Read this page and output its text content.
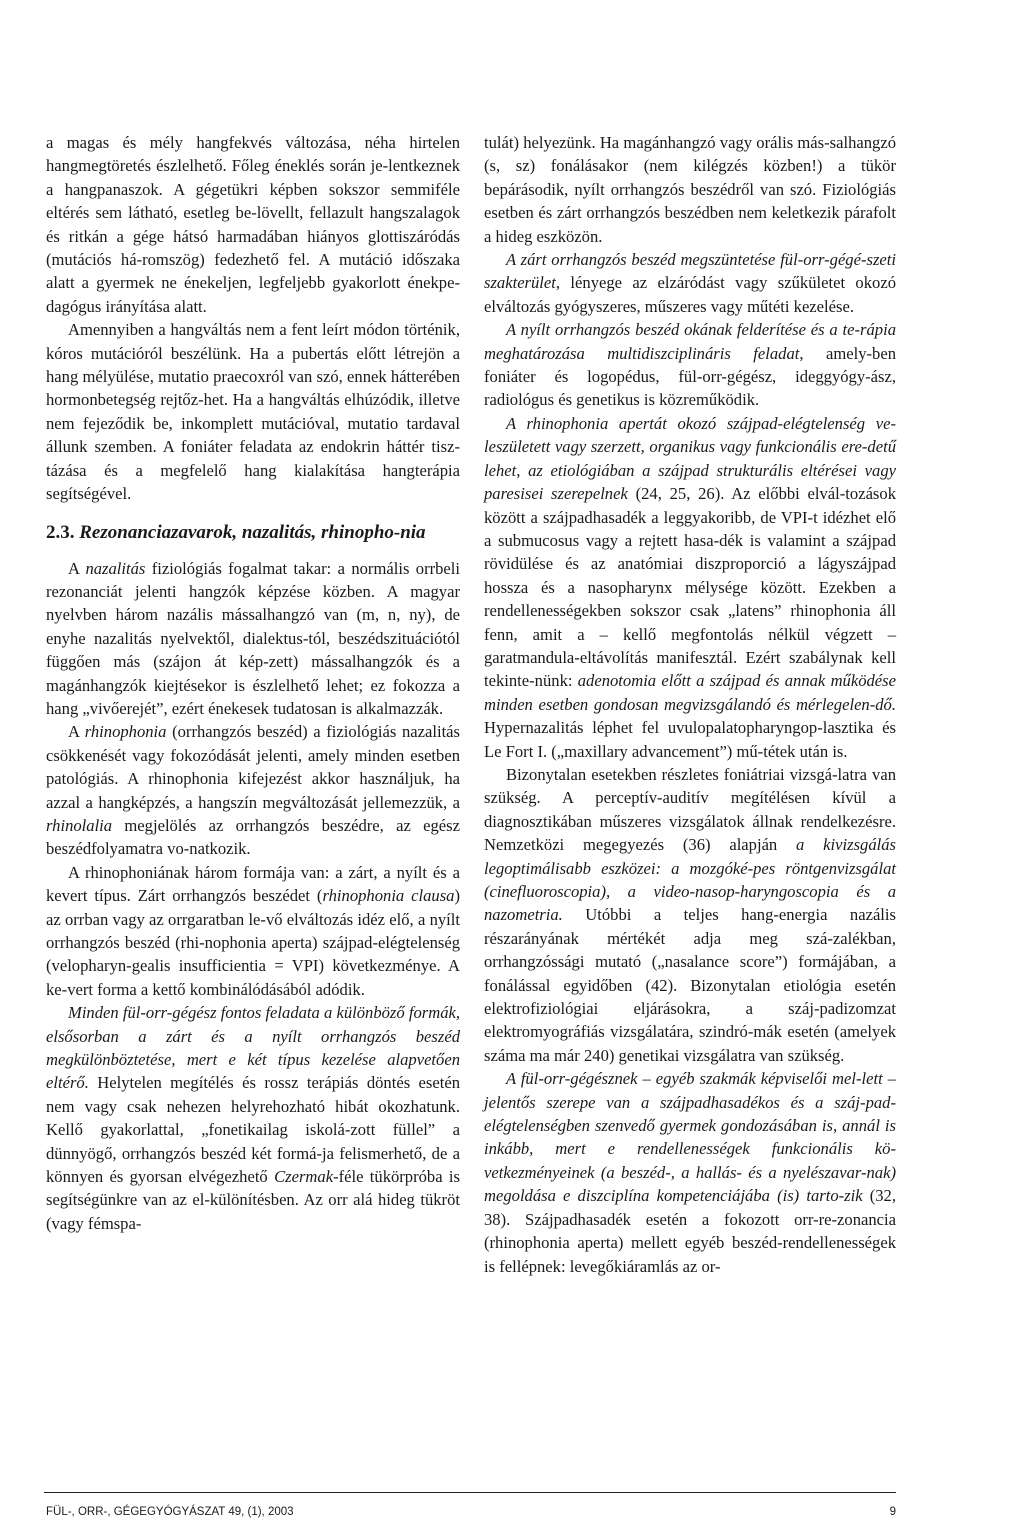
a magas és mély hangfekvés változása, néha hirtelen hangmegtöretés észlelhető. Főleg éneklés során je-lentkeznek a hangpanaszok. A gégetükri képben sokszor semmiféle eltérés sem látható, esetleg be-lövellt, fellazult hangszalagok és ritkán a gége hátsó harmadában hiányos glottiszáródás (mutációs há-romszög) fedezhető fel. A mutáció időszaka alatt a gyermek ne énekeljen, legfeljebb gyakorlott énekpe-dagógus irányítása alatt.

Amennyiben a hangváltás nem a fent leírt módon történik, kóros mutációról beszélünk. Ha a pubertás előtt létrejön a hang mélyülése, mutatio praecoxról van szó, ennek hátterében hormonbetegség rejtőz-het. Ha a hangváltás elhúzódik, illetve nem fejeződik be, inkomplett mutációval, mutatio tardaval állunk szemben. A foniáter feladata az endokrin háttér tisz-tázása és a megfelelő hang kialakítása hangterápia segítségével.

2.3. Rezonanciazavarok, nazalitás, rhinopho-nia

A nazalitás fiziológiás fogalmat takar: a normális orrbeli rezonanciát jelenti hangzók képzése közben. A magyar nyelvben három nazális mássalhangzó van (m, n, ny), de enyhe nazalitás nyelvektől, dialektus-tól, beszédszituációtól függően más (szájon át kép-zett) mássalhangzók és a magánhangzók kiejtésekor is észlelhető lehet; ez fokozza a hang „vivőerejét”, ezért énekesek tudatosan is alkalmazzák.

A rhinophonia (orrhangzós beszéd) a fiziológiás nazalitás csökkenését vagy fokozódását jelenti, amely minden esetben patológiás. A rhinophonia kifejezést akkor használjuk, ha azzal a hangképzés, a hangszín megváltozását jellemezzük, a rhinolalia megjelölés az orrhangzós beszédre, az egész beszédfolyamatra vo-natkozik.

A rhinophoniának három formája van: a zárt, a nyílt és a kevert típus. Zárt orrhangzós beszédet (rhinophonia clausa) az orrban vagy az orrgaratban le-vő elváltozás idéz elő, a nyílt orrhangzós beszéd (rhi-nophonia aperta) szájpad-elégtelenség (velopharyn-gealis insufficientia = VPI) következménye. A ke-vert forma a kettő kombinálódásából adódik.

Minden fül-orr-gégész fontos feladata a különböző formák, elsősorban a zárt és a nyílt orrhangzós beszéd megkülönböztetése, mert e két típus kezelése alapvetően eltérő. Helytelen megítélés és rossz terápiás döntés esetén nem vagy csak nehezen helyrehozható hibát okozhatunk. Kellő gyakorlattal, „fonetikailag iskolá-zott füllel” a dünnyögő, orrhangzós beszéd két formá-ja felismerhető, de a könnyen és gyorsan elvégezhető Czermak-féle tükörpróba is segítségünkre van az el-különítésben. Az orr alá hideg tükröt (vagy fémspa-

tulát) helyezünk. Ha magánhangzó vagy orális más-salhangzó (s, sz) fonálásakor (nem kilégzés közben!) a tükör bepárásodik, nyílt orrhangzós beszédről van szó. Fiziológiás esetben és zárt orrhangzós beszédben nem keletkezik párafolt a hideg eszközön.

A zárt orrhangzós beszéd megszüntetése fül-orr-gégé-szeti szakterület, lényege az elzáródást vagy szűkületet okozó elváltozás gyógyszeres, műszeres vagy műtéti kezelése.

A nyílt orrhangzós beszéd okának felderítése és a te-rápia meghatározása multidiszciplináris feladat, amely-ben foniáter és logopédus, fül-orr-gégész, ideggyógy-ász, radiológus és genetikus is közreműködik.

A rhinophonia apertát okozó szájpad-elégtelenség ve-leszületett vagy szerzett, organikus vagy funkcionális ere-detű lehet, az etiológiában a szájpad strukturális eltérései vagy paresisei szerepelnek (24, 25, 26). Az előbbi elvál-tozások között a szájpadhasadék a leggyakoribb, de VPI-t idézhet elő a submucosus vagy a rejtett hasa-dék is valamint a szájpad rövidülése és az anatómiai diszproporció a lágyszájpad hossza és a nasopharynx mélysége között. Ezekben a rendellenességekben sokszor csak „latens” rhinophonia áll fenn, amit a – kellő megfontolás nélkül végzett – garatmandula-eltávolítás manifesztál. Ezért szabálynak kell tekinte-nünk: adenotomia előtt a szájpad és annak működése minden esetben gondosan megvizsgálandó és mérlegelen-dő. Hypernazalitás léphet fel uvulopalatopharyngop-lasztika és Le Fort I. („maxillary advancement”) mű-tétek után is.

Bizonytalan esetekben részletes foniátriai vizsgá-latra van szükség. A perceptív-auditív megítélésen kívül a diagnosztikában műszeres vizsgálatok állnak rendelkezésre. Nemzetközi megegyezés (36) alapján a kivizsgálás legoptimálisabb eszközei: a mozgóké-pes röntgenvizsgálat (cinefluoroscopia), a video-nasop-haryngoscopia és a nazometria. Utóbbi a teljes hang-energia nazális részarányának mértékét adja meg szá-zalékban, orrhangzóssági mutató („nasalance score”) formájában, a fonálással egyidőben (42). Bizonytalan etiológia esetén elektrofiziológiai eljárásokra, a száj-padizomzat elektromyográfiás vizsgálatára, szindró-mák esetén (amelyek száma ma már 240) genetikai vizsgálatra van szükség.

A fül-orr-gégésznek – egyéb szakmák képviselői mel-lett – jelentős szerepe van a szájpadhasadékos és a száj-pad-elégtelenségben szenvedő gyermek gondozásában is, annál is inkább, mert e rendellenességek funkcionális kö-vetkezményeinek (a beszéd-, a hallás- és a nyelészavar-nak) megoldása e diszciplína kompetenciájába (is) tarto-zik (32, 38). Szájpadhasadék esetén a fokozott orr-re-zonancia (rhinophonia aperta) mellett egyéb beszéd-rendellenességek is fellépnek: levegőkiáramlás az or-

FÜL-, ORR-, GÉGEGYÓGYÁSZAT 49, (1), 2003	9
